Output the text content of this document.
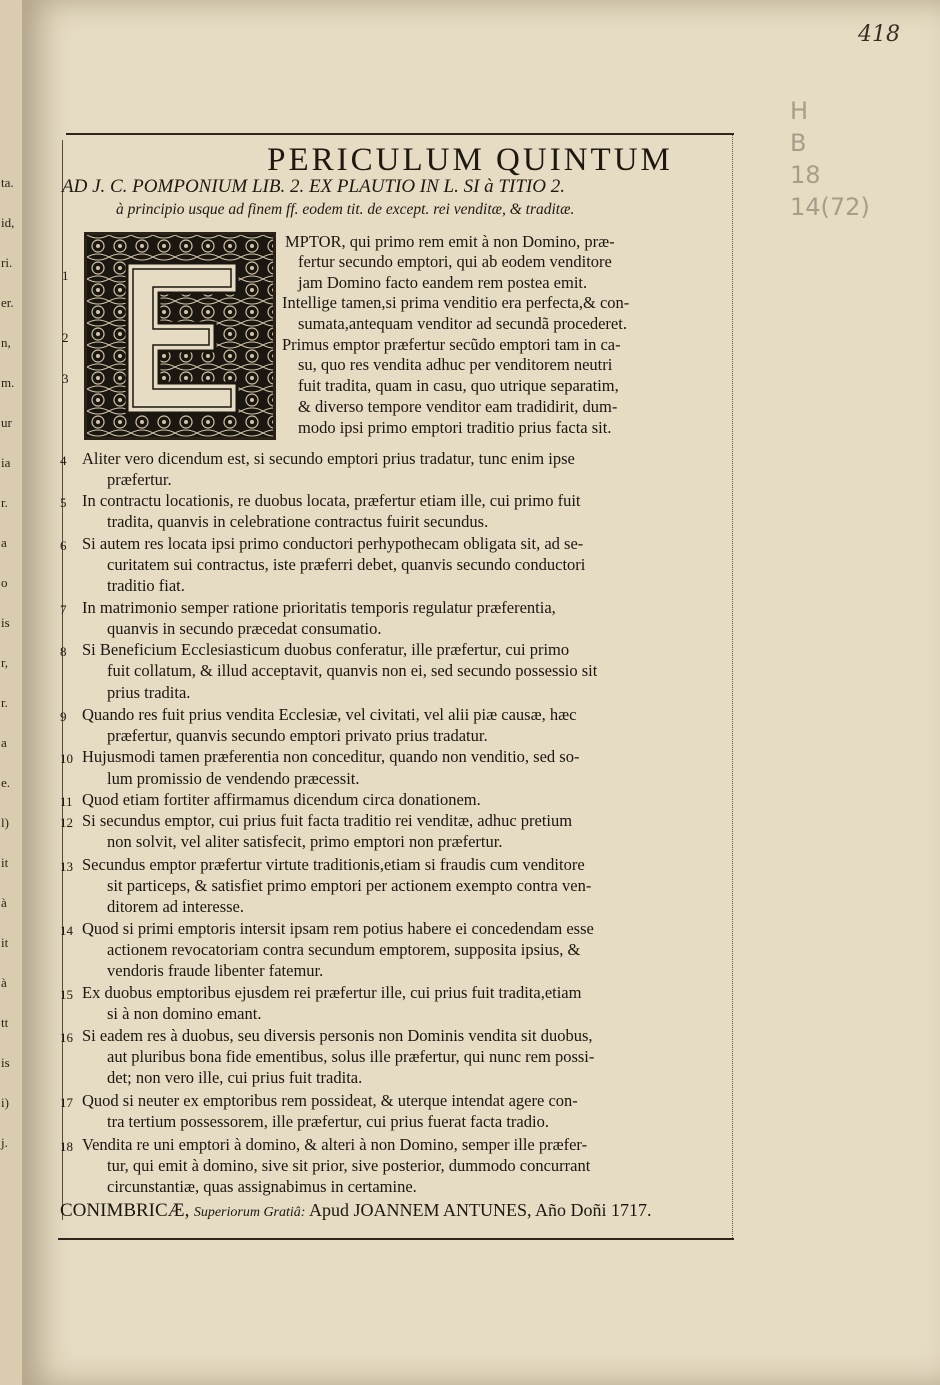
ta.
id,
ri.
er.
n,
m.
ur
ia
r.
a
o
is
r,
r.
a
e.
l)
it
à
it
à
tt
is
i)
j.
418
H
B
18
14(72)
PERICULUM QUINTUM
AD J. C. POMPONIUM LIB. 2. EX PLAUTIO IN L. SI à TITIO 2.
à principio usque ad finem ff. eodem tit. de except. rei venditæ, & traditæ.
MPTOR, qui primo rem emit à non Domino, præ-
fertur secundo emptori, qui ab eodem venditore
1	jam Domino facto eandem rem postea emit.
Intellige tamen,si prima venditio era perfecta,& con-
sumata,antequam venditor ad secundã procederet.
2	Primus emptor præfertur secũdo emptori tam in ca-
su, quo res vendita adhuc per venditorem neutri
3	fuit tradita, quam in casu, quo utrique separatim,
& diverso tempore venditor eam tradidirit, dum-
modo ipsi primo emptori traditio prius facta sit.
Aliter vero dicendum est, si secundo emptori prius tradatur, tunc enim ipse
4
præfertur.
In contractu locationis, re duobus locata, præfertur etiam ille, cui primo fuit
5
tradita, quanvis in celebratione contractus fuirit secundus.
Si autem res locata ipsi primo conductori perhypothecam obligata sit, ad se-
6
curitatem sui contractus, iste præferri debet, quanvis secundo conductori
traditio fiat.
In matrimonio semper ratione prioritatis temporis regulatur præferentia,
7
quanvis in secundo præcedat consumatio.
Si Beneficium Ecclesiasticum duobus conferatur, ille præfertur, cui primo
8
fuit collatum, & illud acceptavit, quanvis non ei, sed secundo possessio sit
prius tradita.
Quando res fuit prius vendita Ecclesiæ, vel civitati, vel alii piæ causæ, hæc
9
præfertur, quanvis secundo emptori privato prius tradatur.
Hujusmodi tamen præferentia non conceditur, quando non venditio, sed so-
10
lum promissio de vendendo præcessit.
Quod etiam fortiter affirmamus dicendum circa donationem.
11
Si secundus emptor, cui prius fuit facta traditio rei venditæ, adhuc pretium
12
non solvit, vel aliter satisfecit, primo emptori non præfertur.
Secundus emptor præfertur virtute traditionis,etiam si fraudis cum venditore
13
sit particeps, & satisfiet primo emptori per actionem exempto contra ven-
ditorem ad interesse.
Quod si primi emptoris intersit ipsam rem potius habere ei concedendam esse
14
actionem revocatoriam contra secundum emptorem, supposita ipsius, &
vendoris fraude libenter fatemur.
Ex duobus emptoribus ejusdem rei præfertur ille, cui prius fuit tradita,etiam
15
si à non domino emant.
Si eadem res à duobus, seu diversis personis non Dominis vendita sit duobus,
16
aut pluribus bona fide ementibus, solus ille præfertur, qui nunc rem possi-
det; non vero ille, cui prius fuit tradita.
Quod si neuter ex emptoribus rem possideat, & uterque intendat agere con-
17
tra tertium possessorem, ille præfertur, cui prius fuerat facta tradio.
Vendita re uni emptori à domino, & alteri à non Domino, semper ille præfer-
18
tur, qui emit à domino, sive sit prior, sive posterior, dummodo concurrant
circunstantiæ, quas assignabimus in certamine.
CONIMBRICÆ, Superiorum Gratiâ: Apud JOANNEM ANTUNES, Año Doñi 1717.
